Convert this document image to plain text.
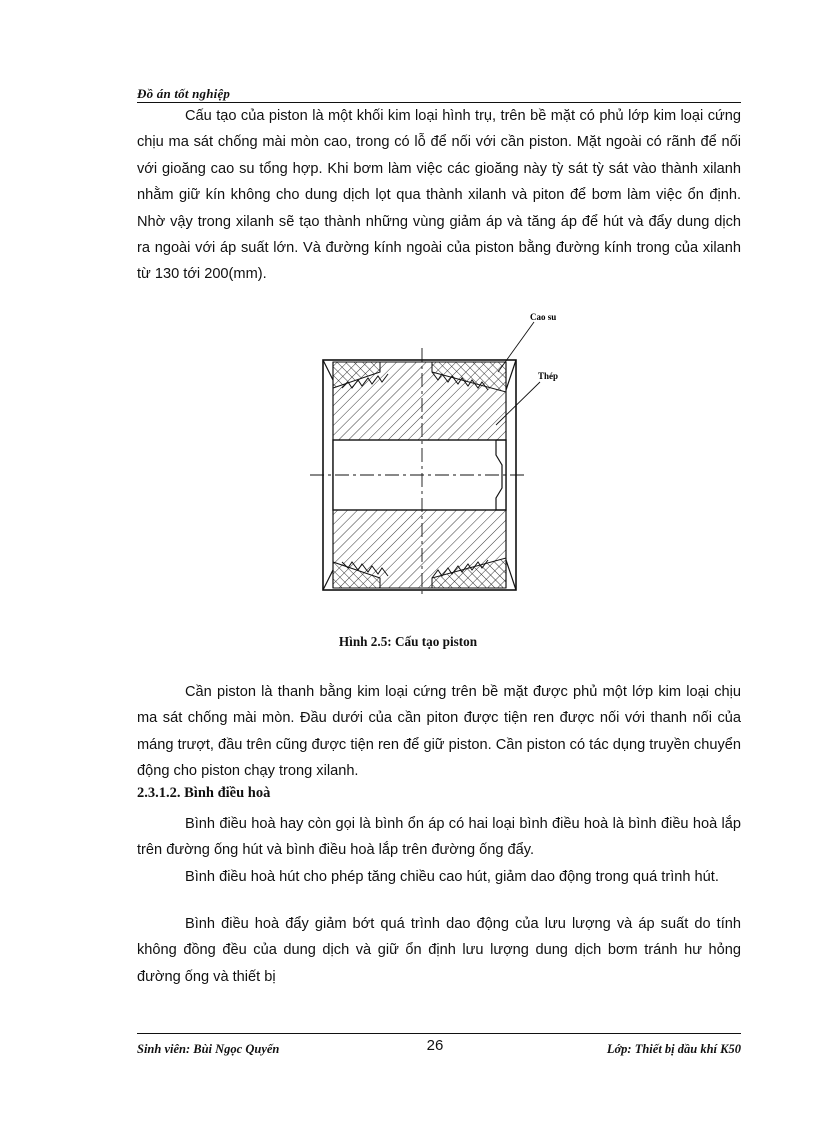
Đồ án tốt nghiệp

Cấu tạo của piston là một khối kim loại hình trụ, trên bề mặt có phủ lớp kim loại cứng chịu ma sát chống mài mòn cao, trong có lỗ để nối với cần piston. Mặt ngoài có rãnh để nối với gioăng cao su tổng hợp. Khi bơm làm việc các gioăng này tỳ sát tỳ sát vào thành xilanh nhằm giữ kín không cho dung dịch lọt qua thành xilanh và piton để bơm làm việc ổn định. Nhờ vậy trong xilanh sẽ tạo thành những vùng giảm áp và tăng áp để hút và đẩy dung dịch ra ngoài với áp suất lớn. Và đường kính ngoài của piston bằng đường kính trong của xilanh từ 130 tới 200(mm).

Cao su
Thép
Hình 2.5: Cấu tạo piston

Cần piston là thanh bằng kim loại cứng trên bề mặt được phủ một lớp kim loại chịu ma sát chống mài mòn. Đầu dưới của cần piton được tiện ren được nối với thanh nối của máng trượt, đầu trên cũng được tiện ren để giữ piston. Cần piston có tác dụng truyền chuyển động cho piston chạy trong xilanh.

2.3.1.2. Bình điều hoà

Bình điều hoà hay còn gọi là bình ổn áp có hai loại bình điều hoà là bình điều hoà lắp trên đường ống hút và bình điều hoà lắp trên đường ống đẩy.

Bình điều hoà hút cho phép tăng chiều cao hút, giảm dao động trong quá trình hút.

Bình điều hoà đẩy giảm bớt quá trình dao động của lưu lượng và áp suất do tính không đồng đều của dung dịch và giữ ổn định lưu lượng dung dịch bơm tránh hư hỏng đường ống và thiết bị

Sinh viên: Bùi Ngọc Quyến	26	Lớp: Thiết bị dầu khí K50
